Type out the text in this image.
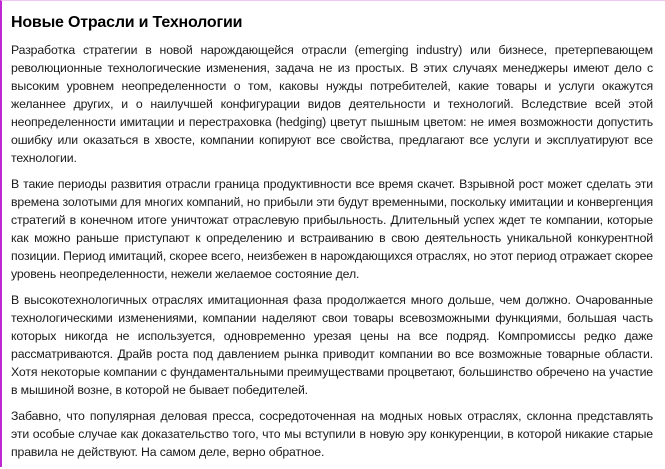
Новые Отрасли и Технологии

Разработка стратегии в новой нарождающейся отрасли (emerging industry) или бизнесе, претерпевающем революционные технологические изменения, задача не из простых. В этих случаях менеджеры имеют дело с высоким уровнем неопределенности о том, каковы нужды потребителей, какие товары и услуги окажутся желаннее других, и о наилучшей конфигурации видов деятельности и технологий. Вследствие всей этой неопределенности имитации и перестраховка (hedging) цветут пышным цветом: не имея возможности допустить ошибку или оказаться в хвосте, компании копируют все свойства, предлагают все услуги и эксплуатируют все технологии.

В такие периоды развития отрасли граница продуктивности все время скачет. Взрывной рост может сделать эти времена золотыми для многих компаний, но прибыли эти будут временными, поскольку имитации и конвергенция стратегий в конечном итоге уничтожат отраслевую прибыльность. Длительный успех ждет те компании, которые как можно раньше приступают к определению и встраиванию в свою деятельность уникальной конкурентной позиции. Период имитаций, скорее всего, неизбежен в нарождающихся отраслях, но этот период отражает скорее уровень неопределенности, нежели желаемое состояние дел.

В высокотехнологичных отраслях имитационная фаза продолжается много дольше, чем должно. Очарованные технологическими изменениями, компании наделяют свои товары всевозможными функциями, большая часть которых никогда не используется, одновременно урезая цены на все подряд. Компромиссы редко даже рассматриваются. Драйв роста под давлением рынка приводит компании во все возможные товарные области. Хотя некоторые компании с фундаментальными преимуществами процветают, большинство обречено на участие в мышиной возне, в которой не бывает победителей.

Забавно, что популярная деловая пресса, сосредоточенная на модных новых отраслях, склонна представлять эти особые случае как доказательство того, что мы вступили в новую эру конкуренции, в которой никакие старые правила не действуют. На самом деле, верно обратное.
